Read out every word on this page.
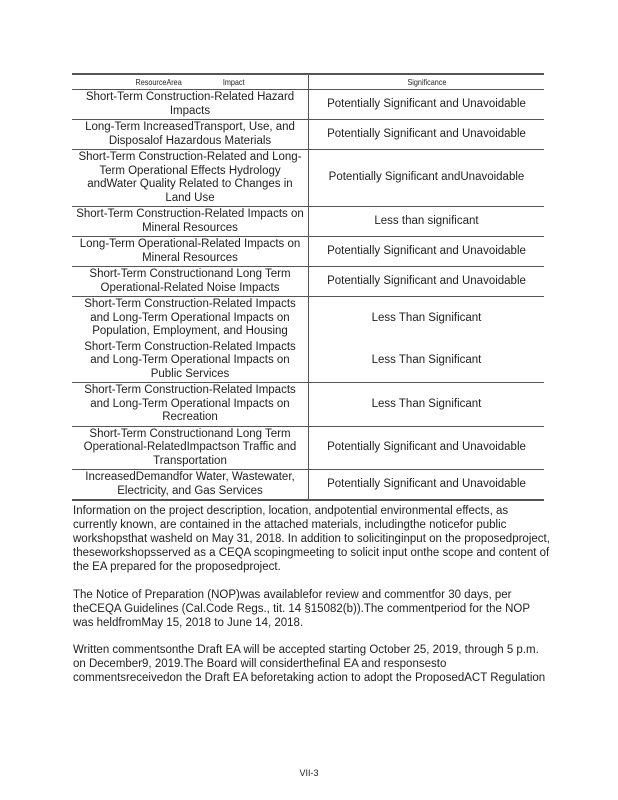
ResourceArea Impact	Significance
Short-Term Construction-Related Hazard Impacts	Potentially Significant and Unavoidable
Long-Term IncreasedTransport, Use, and Disposalof Hazardous Materials	Potentially Significant and Unavoidable
Short-Term Construction-Related and Long-Term Operational Effects Hydrology andWater Quality Related to Changes in Land Use	Potentially Significant andUnavoidable
Short-Term Construction-Related Impacts on Mineral Resources	Less than significant
Long-Term Operational-Related Impacts on Mineral Resources	Potentially Significant and Unavoidable
Short-Term Constructionand Long Term Operational-Related Noise Impacts	Potentially Significant and Unavoidable
Short-Term Construction-Related Impacts and Long-Term Operational Impacts on Population, Employment, and Housing	Less Than Significant
Short-Term Construction-Related Impacts and Long-Term Operational Impacts on Public Services	Less Than Significant
Short-Term Construction-Related Impacts and Long-Term Operational Impacts on Recreation	Less Than Significant
Short-Term Constructionand Long Term Operational-RelatedImpactson Traffic and Transportation	Potentially Significant and Unavoidable
IncreasedDemandfor Water, Wastewater, Electricity, and Gas Services	Potentially Significant and Unavoidable

Information on the project description, location, andpotential environmental effects, as currently known, are contained in the attached materials, includingthe noticefor public workshopsthat washeld on May 31, 2018. In addition to solicitinginput on the proposedproject, theseworkshopsserved as a CEQA scopingmeeting to solicit input onthe scope and content of the EA prepared for the proposedproject.

The Notice of Preparation (NOP)was availablefor review and commentfor 30 days, per theCEQA Guidelines (Cal.Code Regs., tit. 14 §15082(b)).The commentperiod for the NOP was heldfromMay 15, 2018 to June 14, 2018.

Written commentsonthe Draft EA will be accepted starting October 25, 2019, through 5 p.m. on December9, 2019.The Board will considerthefinal EA and responsesto commentsreceivedon the Draft EA beforetaking action to adopt the ProposedACT Regulation

VII-3
